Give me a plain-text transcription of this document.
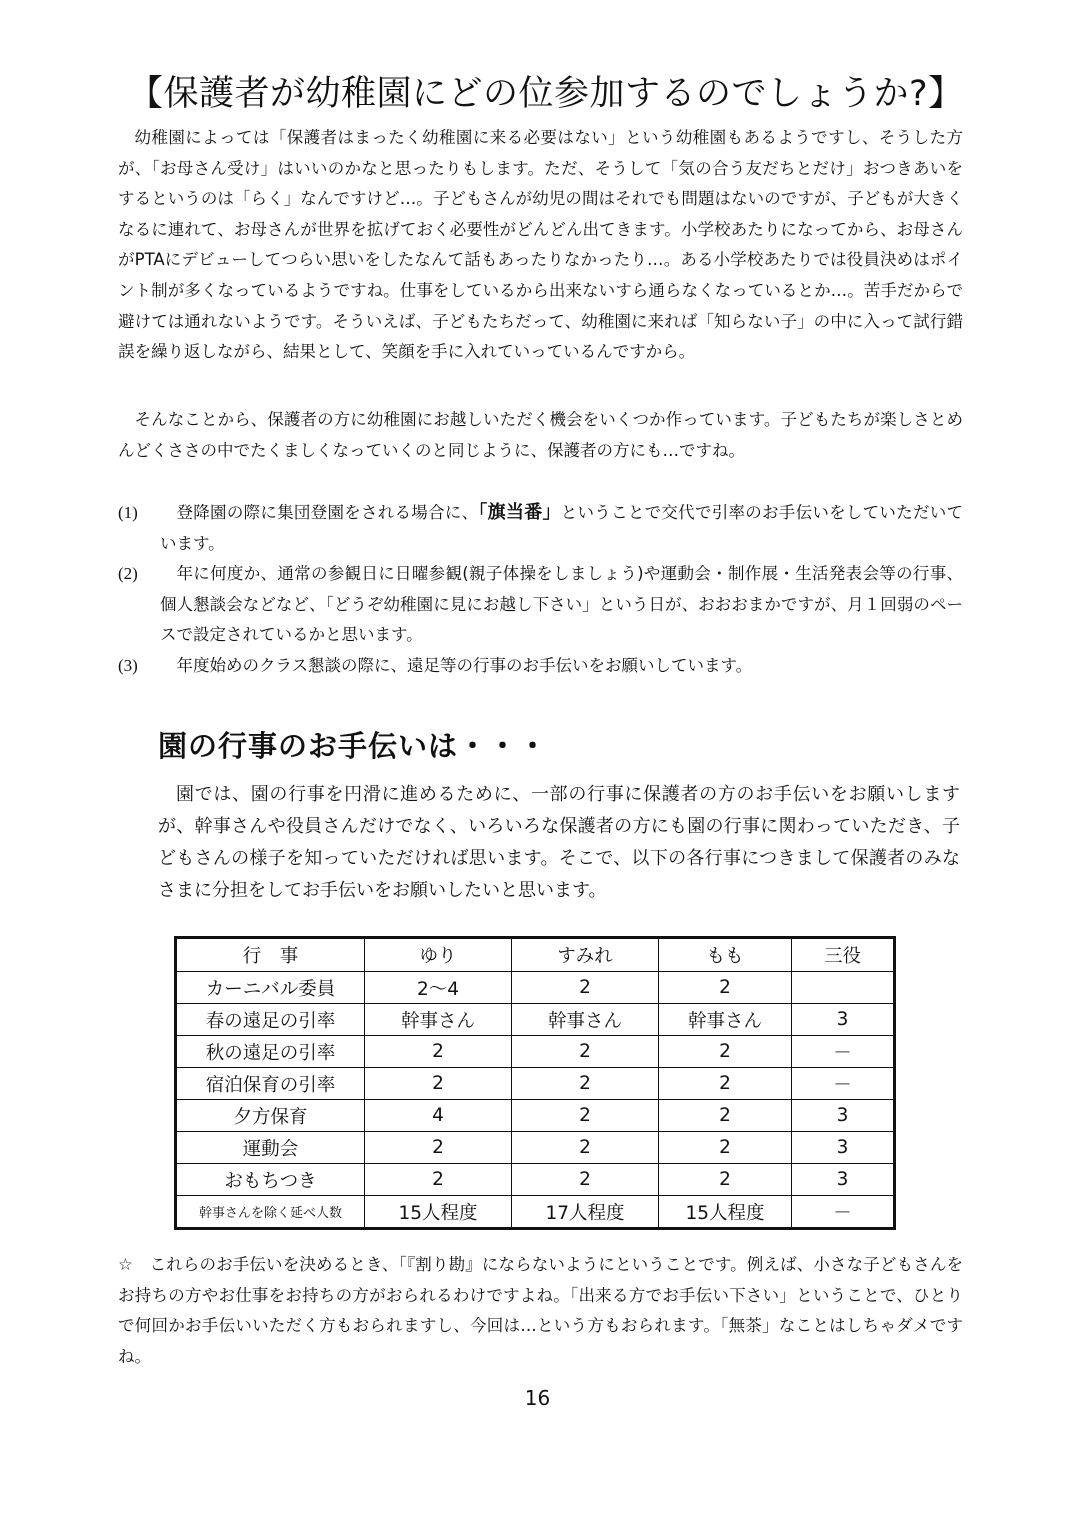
【保護者が幼稚園にどの位参加するのでしょうか?】
幼稚園によっては「保護者はまったく幼稚園に来る必要はない」という幼稚園もあるようですし、そうした方が、「お母さん受け」はいいのかなと思ったりもします。ただ、そうして「気の合う友だちとだけ」おつきあいをするというのは「らく」なんですけど…。子どもさんが幼児の間はそれでも問題はないのですが、子どもが大きくなるに連れて、お母さんが世界を拡げておく必要性がどんどん出てきます。小学校あたりになってから、お母さんがPTAにデビューしてつらい思いをしたなんて話もあったりなかったり…。ある小学校あたりでは役員決めはポイント制が多くなっているようですね。仕事をしているから出来ないすら通らなくなっているとか…。苦手だからで避けては通れないようです。そういえば、子どもたちだって、幼稚園に来れば「知らない子」の中に入って試行錯誤を繰り返しながら、結果として、笑顔を手に入れていっているんですから。
そんなことから、保護者の方に幼稚園にお越しいただく機会をいくつか作っています。子どもたちが楽しさとめんどくささの中でたくましくなっていくのと同じように、保護者の方にも…ですね。
(1)	登降園の際に集団登園をされる場合に、「旗当番」ということで交代で引率のお手伝いをしていただいています。
(2)	年に何度か、通常の参観日に日曜参観(親子体操をしましょう)や運動会・制作展・生活発表会等の行事、個人懇談会などなど、「どうぞ幼稚園に見にお越し下さい」という日が、おおおまかですが、月１回弱のペースで設定されているかと思います。
(3)	年度始めのクラス懇談の際に、遠足等の行事のお手伝いをお願いしています。
園の行事のお手伝いは・・・
園では、園の行事を円滑に進めるために、一部の行事に保護者の方のお手伝いをお願いしますが、幹事さんや役員さんだけでなく、いろいろな保護者の方にも園の行事に関わっていただき、子どもさんの様子を知っていただければ思います。そこで、以下の各行事につきまして保護者のみなさまに分担をしてお手伝いをお願いしたいと思います。
行　事	ゆり	すみれ	もも	三役
カーニバル委員	2～4	2	2	
春の遠足の引率	幹事さん	幹事さん	幹事さん	3
秋の遠足の引率	2	2	2	－
宿泊保育の引率	2	2	2	－
夕方保育	4	2	2	3
運動会	2	2	2	3
おもちつき	2	2	2	3
幹事さんを除く延べ人数	15人程度	17人程度	15人程度	－
☆　これらのお手伝いを決めるとき、「『割り勘』にならないようにということです。例えば、小さな子どもさんをお持ちの方やお仕事をお持ちの方がおられるわけですよね。「出来る方でお手伝い下さい」ということで、ひとりで何回かお手伝いいただく方もおられますし、今回は…という方もおられます。「無茶」なことはしちゃダメですね。
16
